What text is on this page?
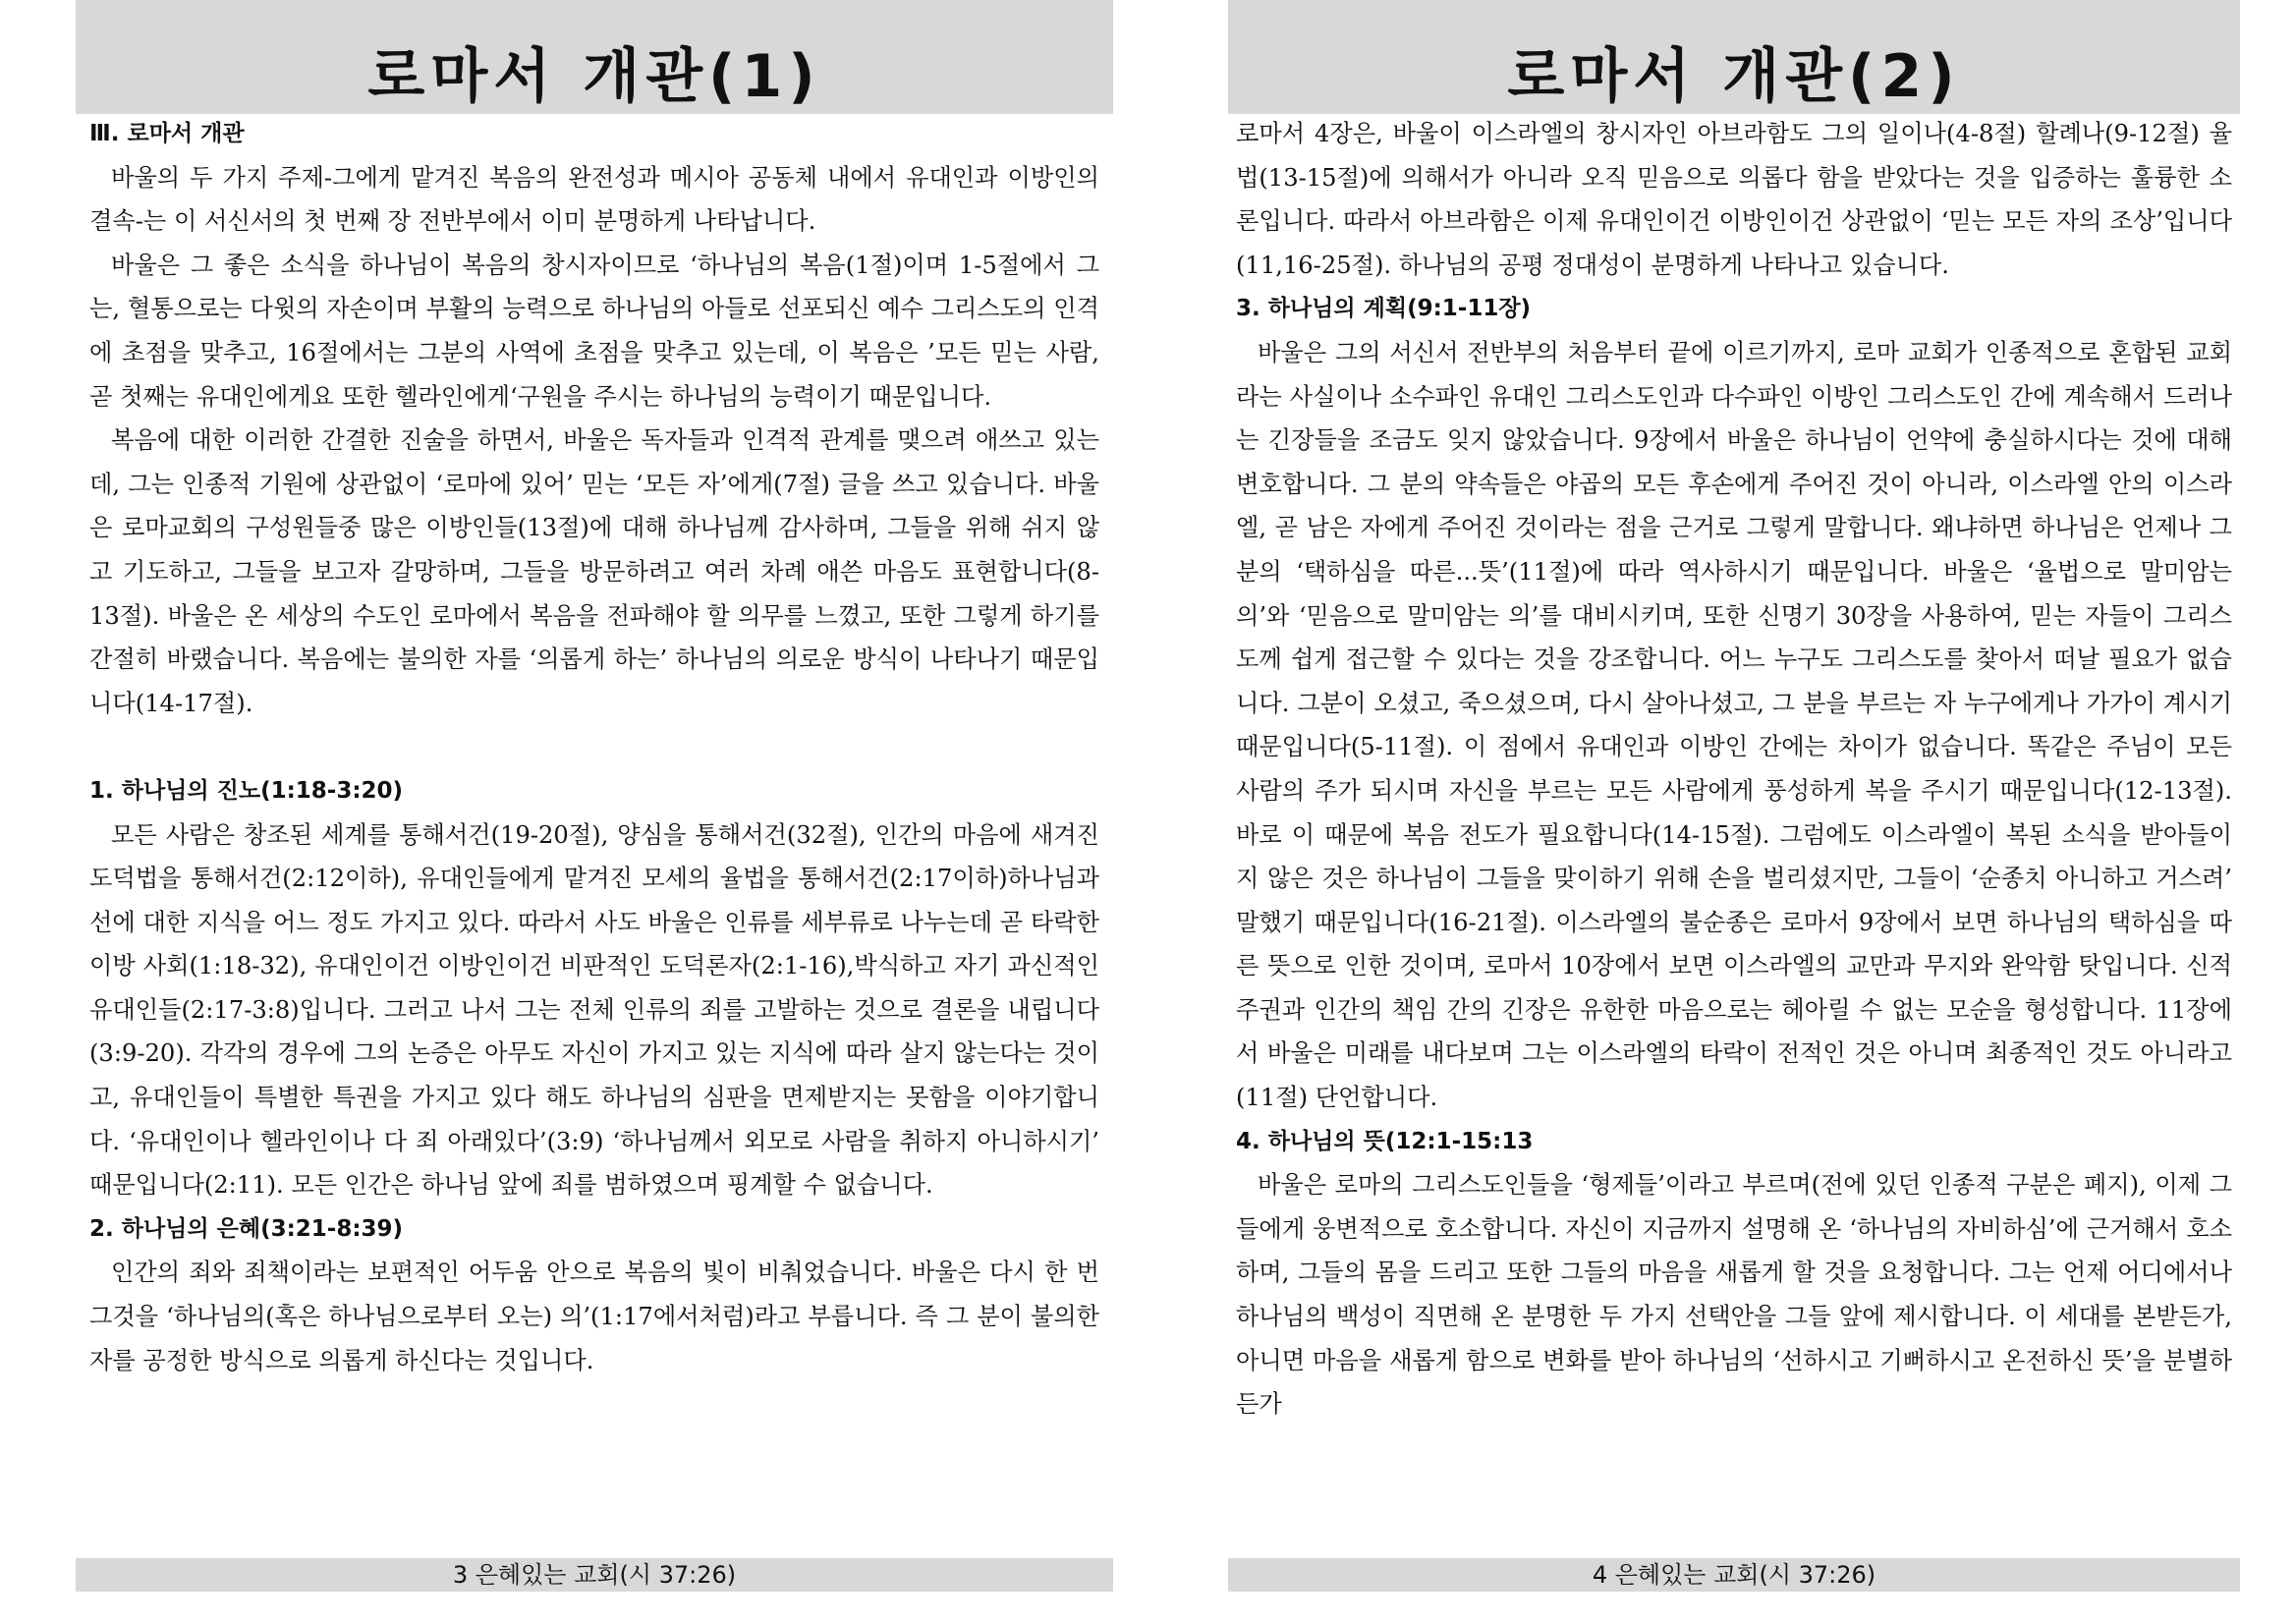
로마서 개관(1)
Ⅲ. 로마서 개관

바울의 두 가지 주제-그에게 맡겨진 복음의 완전성과 메시아 공동체 내에서 유대인과 이방인의 결속-는 이 서신서의 첫 번째 장 전반부에서 이미 분명하게 나타납니다.

바울은 그 좋은 소식을 하나님이 복음의 창시자이므로 ‘하나님의 복음(1절)이며 1-5절에서 그는, 혈통으로는 다윗의 자손이며 부활의 능력으로 하나님의 아들로 선포되신 예수 그리스도의 인격에 초점을 맞추고, 16절에서는 그분의 사역에 초점을 맞추고 있는데, 이 복음은 ’모든 믿는 사람, 곧 첫째는 유대인에게요 또한 헬라인에게‘구원을 주시는 하나님의 능력이기 때문입니다.

복음에 대한 이러한 간결한 진술을 하면서, 바울은 독자들과 인격적 관계를 맺으려 애쓰고 있는데, 그는 인종적 기원에 상관없이 ‘로마에 있어’ 믿는 ‘모든 자’에게(7절) 글을 쓰고 있습니다. 바울은 로마교회의 구성원들중 많은 이방인들(13절)에 대해 하나님께 감사하며, 그들을 위해 쉬지 않고 기도하고, 그들을 보고자 갈망하며, 그들을 방문하려고 여러 차례 애쓴 마음도 표현합니다(8-13절). 바울은 온 세상의 수도인 로마에서 복음을 전파해야 할 의무를 느꼈고, 또한 그렇게 하기를 간절히 바랬습니다. 복음에는 불의한 자를 ‘의롭게 하는’ 하나님의 의로운 방식이 나타나기 때문입니다(14-17절).

1. 하나님의 진노(1:18-3:20)

모든 사람은 창조된 세계를 통해서건(19-20절), 양심을 통해서건(32절), 인간의 마음에 새겨진 도덕법을 통해서건(2:12이하), 유대인들에게 맡겨진 모세의 율법을 통해서건(2:17이하)하나님과 선에 대한 지식을 어느 정도 가지고 있다. 따라서 사도 바울은 인류를 세부류로 나누는데 곧 타락한 이방 사회(1:18-32), 유대인이건 이방인이건 비판적인 도덕론자(2:1-16),박식하고 자기 과신적인 유대인들(2:17-3:8)입니다. 그러고 나서 그는 전체 인류의 죄를 고발하는 것으로 결론을 내립니다(3:9-20). 각각의 경우에 그의 논증은 아무도 자신이 가지고 있는 지식에 따라 살지 않는다는 것이고, 유대인들이 특별한 특권을 가지고 있다 해도 하나님의 심판을 면제받지는 못함을 이야기합니다. ‘유대인이나 헬라인이나 다 죄 아래있다’(3:9) ‘하나님께서 외모로 사람을 취하지 아니하시기’ 때문입니다(2:11). 모든 인간은 하나님 앞에 죄를 범하였으며 핑계할 수 없습니다.

2. 하나님의 은혜(3:21-8:39)

인간의 죄와 죄책이라는 보편적인 어두움 안으로 복음의 빛이 비춰었습니다. 바울은 다시 한 번 그것을 ‘하나님의(혹은 하나님으로부터 오는) 의’(1:17에서처럼)라고 부릅니다. 즉 그 분이 불의한 자를 공정한 방식으로 의롭게 하신다는 것입니다.

3 은혜있는 교회(시 37:26)
로마서 개관(2)

로마서 4장은, 바울이 이스라엘의 창시자인 아브라함도 그의 일이나(4-8절) 할례나(9-12절) 율법(13-15절)에 의해서가 아니라 오직 믿음으로 의롭다 함을 받았다는 것을 입증하는 훌륭한 소론입니다. 따라서 아브라함은 이제 유대인이건 이방인이건 상관없이 ‘믿는 모든 자의 조상’입니다(11,16-25절). 하나님의 공평 정대성이 분명하게 나타나고 있습니다.

3. 하나님의 계획(9:1-11장)

바울은 그의 서신서 전반부의 처음부터 끝에 이르기까지, 로마 교회가 인종적으로 혼합된 교회라는 사실이나 소수파인 유대인 그리스도인과 다수파인 이방인 그리스도인 간에 계속해서 드러나는 긴장들을 조금도 잊지 않았습니다. 9장에서 바울은 하나님이 언약에 충실하시다는 것에 대해 변호합니다. 그 분의 약속들은 야곱의 모든 후손에게 주어진 것이 아니라, 이스라엘 안의 이스라엘, 곧 남은 자에게 주어진 것이라는 점을 근거로 그렇게 말합니다. 왜냐하면 하나님은 언제나 그분의 ‘택하심을 따른...뜻’(11절)에 따라 역사하시기 때문입니다. 바울은 ‘율법으로 말미암는 의’와 ‘믿음으로 말미암는 의’를 대비시키며, 또한 신명기 30장을 사용하여, 믿는 자들이 그리스도께 쉽게 접근할 수 있다는 것을 강조합니다. 어느 누구도 그리스도를 찾아서 떠날 필요가 없습니다. 그분이 오셨고, 죽으셨으며, 다시 살아나셨고, 그 분을 부르는 자 누구에게나 가가이 계시기 때문입니다(5-11절). 이 점에서 유대인과 이방인 간에는 차이가 없습니다. 똑같은 주님이 모든 사람의 주가 되시며 자신을 부르는 모든 사람에게 풍성하게 복을 주시기 때문입니다(12-13절). 바로 이 때문에 복음 전도가 필요합니다(14-15절). 그럼에도 이스라엘이 복된 소식을 받아들이지 않은 것은 하나님이 그들을 맞이하기 위해 손을 벌리셨지만, 그들이 ‘순종치 아니하고 거스려’ 말했기 때문입니다(16-21절). 이스라엘의 불순종은 로마서 9장에서 보면 하나님의 택하심을 따른 뜻으로 인한 것이며, 로마서 10장에서 보면 이스라엘의 교만과 무지와 완악함 탓입니다. 신적 주권과 인간의 책임 간의 긴장은 유한한 마음으로는 헤아릴 수 없는 모순을 형성합니다. 11장에서 바울은 미래를 내다보며 그는 이스라엘의 타락이 전적인 것은 아니며 최종적인 것도 아니라고(11절) 단언합니다.

4. 하나님의 뜻(12:1-15:13

바울은 로마의 그리스도인들을 ‘형제들’이라고 부르며(전에 있던 인종적 구분은 폐지), 이제 그들에게 웅변적으로 호소합니다. 자신이 지금까지 설명해 온 ‘하나님의 자비하심’에 근거해서 호소하며, 그들의 몸을 드리고 또한 그들의 마음을 새롭게 할 것을 요청합니다. 그는 언제 어디에서나 하나님의 백성이 직면해 온 분명한 두 가지 선택안을 그들 앞에 제시합니다. 이 세대를 본받든가, 아니면 마음을 새롭게 함으로 변화를 받아 하나님의 ‘선하시고 기뻐하시고 온전하신 뜻’을 분별하든가

4 은혜있는 교회(시 37:26)
